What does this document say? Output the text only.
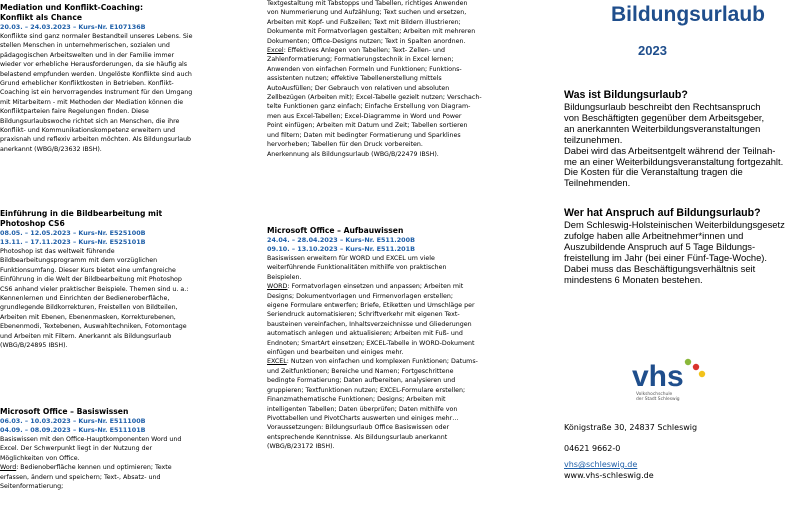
Mediation und Konflikt-Coaching:
Konflikt als Chance
20.03. – 24.03.2023 – Kurs-Nr. E107136B
Konflikte sind ganz normaler Bestandteil unseres Lebens. Sie
stellen Menschen in unternehmerischen, sozialen und
pädagogischen Arbeitswelten und in der Familie immer
wieder vor erhebliche Herausforderungen, da sie häufig als
belastend empfunden werden. Ungelöste Konflikte sind auch
Grund erheblicher Konfliktkosten in Betrieben. Konflikt-
Coaching ist ein hervorragendes Instrument für den Umgang
mit Mitarbeitern - mit Methoden der Mediation können die
Konfliktparteien faire Regelungen finden. Diese
Bildungsurlaubswoche richtet sich an Menschen, die ihre
Konflikt- und Kommunikationskompetenz erweitern und
praxisnah und reflexiv arbeiten möchten. Als Bildungsurlaub
anerkannt (WBG/B/23632 IBSH).
Einführung in die Bildbearbeitung mit
Photoshop CS6
08.05. – 12.05.2023 – Kurs-Nr. E525100B
13.11. – 17.11.2023 – Kurs-Nr. E525101B
Photoshop ist das weltweit führende
Bildbearbeitungsprogramm mit dem vorzüglichen
Funktionsumfang. Dieser Kurs bietet eine umfangreiche
Einführung in die Welt der Bildbearbeitung mit Photoshop
CS6 anhand vieler praktischer Beispiele. Themen sind u. a.:
Kennenlernen und Einrichten der Bedieneroberfläche,
grundlegende Bildkorrekturen, Freistellen von Bildteilen,
Arbeiten mit Ebenen, Ebenenmasken, Korrekturebenen,
Ebenenmodi, Textebenen, Auswahltechniken, Fotomontage
und Arbeiten mit Filtern. Anerkannt als Bildungsurlaub
(WBG/B/24895 IBSH).
Microsoft Office – Basiswissen
06.03. – 10.03.2023 – Kurs-Nr. E511100B
04.09. – 08.09.2023 – Kurs-Nr. E511101B
Basiswissen mit den Office-Hauptkomponenten Word und
Excel. Der Schwerpunkt liegt in der Nutzung der
Möglichkeiten von Office.
Word: Bedienoberfläche kennen und optimieren; Texte
erfassen, ändern und speichern; Text-, Absatz- und
Seitenformatierung;
Textgestaltung mit Tabstopps und Tabellen, richtiges Anwenden
von Nummerierung und Aufzählung; Text suchen und ersetzen,
Arbeiten mit Kopf- und Fußzeilen; Text mit Bildern illustrieren;
Dokumente mit Formatvorlagen gestalten; Arbeiten mit mehreren
Dokumenten; Office-Designs nutzen; Text in Spalten anordnen.
Excel: Effektives Anlegen von Tabellen; Text- Zellen- und
Zahlenformatierung; Formatierungstechnik in Excel lernen;
Anwenden von einfachen Formeln und Funktionen; Funktions-
assistenten nutzen; effektive Tabellenerstellung mittels
AutoAusfüllen; Der Gebrauch von relativen und absoluten
Zellbezügen (Arbeiten mit); Excel-Tabelle gezielt nutzen; Verschach-
telte Funktionen ganz einfach; Einfache Erstellung von Diagram-
men aus Excel-Tabellen; Excel-Diagramme in Word und Power
Point einfügen; Arbeiten mit Datum und Zeit; Tabellen sortieren
und filtern; Daten mit bedingter Formatierung und Sparklines
hervorheben; Tabellen für den Druck vorbereiten.
Anerkennung als Bildungsurlaub (WBG/B/22479 IBSH).
Microsoft Office – Aufbauwissen
24.04. – 28.04.2023 – Kurs-Nr. E511.200B
09.10. – 13.10.2023 – Kurs-Nr. E511.201B
Basiswissen erweitern für WORD und EXCEL um viele
weiterführende Funktionalitäten mithilfe von praktischen
Beispielen.
WORD: Formatvorlagen einsetzen und anpassen; Arbeiten mit
Designs; Dokumentvorlagen und Firmenvorlagen erstellen;
eigene Formulare entwerfen; Briefe, Etiketten und Umschläge per
Seriendruck automatisieren; Schriftverkehr mit eigenen Text-
bausteinen vereinfachen, Inhaltsverzeichnisse und Gliederungen
automatisch anlegen und aktualisieren; Arbeiten mit Fuß- und
Endnoten; SmartArt einsetzen; EXCEL-Tabelle in WORD-Dokument
einfügen und bearbeiten und einiges mehr.
EXCEL: Nutzen von einfachen und komplexen Funktionen; Datums-
und Zeitfunktionen; Bereiche und Namen; Fortgeschrittene
bedingte Formatierung; Daten aufbereiten, analysieren und
gruppieren; Textfunktionen nutzen; EXCEL-Formulare erstellen;
Finanzmathematische Funktionen; Designs; Arbeiten mit
intelligenten Tabellen; Daten überprüfen; Daten mithilfe von
Pivottabellen und PivotCharts auswerten und einiges mehr…
Voraussetzungen: Bildungsurlaub Office Basiswissen oder
entsprechende Kenntnisse. Als Bildungsurlaub anerkannt
(WBG/B/23172 IBSH).
Bildungsurlaub
2023
Was ist Bildungsurlaub?
Bildungsurlaub beschreibt den Rechtsanspruch
von Beschäftigten gegenüber dem Arbeitsgeber,
an anerkannten Weiterbildungsveranstaltungen
teilzunehmen.
Dabei wird das Arbeitsentgelt während der Teilnah-
me an einer Weiterbildungsveranstaltung fortgezahlt.
Die Kosten für die Veranstaltung tragen die
Teilnehmenden.
Wer hat Anspruch auf Bildungsurlaub?
Dem Schleswig-Holsteinischen Weiterbildungsgesetz
zufolge haben alle Arbeitnehmer*innen und
Auszubildende Anspruch auf 5 Tage Bildungs-
freistellung im Jahr (bei einer Fünf-Tage-Woche).
Dabei muss das Beschäftigungsverhältnis seit
mindestens 6 Monaten bestehen.
vhs
Volkshochschule
der Stadt Schleswig
Königstraße 30, 24837 Schleswig
04621 9662-0
vhs@schleswig.de
www.vhs-schleswig.de
